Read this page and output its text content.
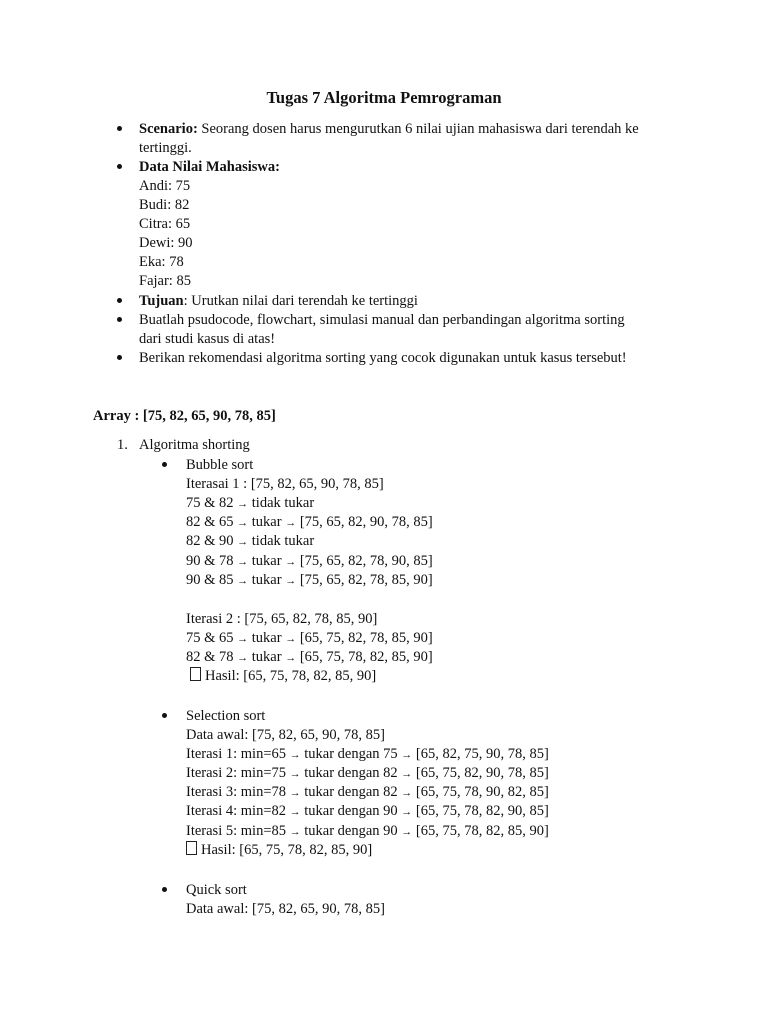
Tugas 7 Algoritma Pemrograman
Scenario: Seorang dosen harus mengurutkan 6 nilai ujian mahasiswa dari terendah ke
tertinggi.
Data Nilai Mahasiswa:
Andi: 75
Budi: 82
Citra: 65
Dewi: 90
Eka: 78
Fajar: 85
Tujuan: Urutkan nilai dari terendah ke tertinggi
Buatlah psudocode, flowchart, simulasi manual dan perbandingan algoritma sorting
dari studi kasus di atas!
Berikan rekomendasi algoritma sorting yang cocok digunakan untuk kasus tersebut!
Array : [75, 82, 65, 90, 78, 85]
1. Algoritma shorting
Bubble sort
Iterasai 1 : [75, 82, 65, 90, 78, 85]
75 & 82 → tidak tukar
82 & 65 → tukar → [75, 65, 82, 90, 78, 85]
82 & 90 → tidak tukar
90 & 78 → tukar → [75, 65, 82, 78, 90, 85]
90 & 85 → tukar → [75, 65, 82, 78, 85, 90]
Iterasi 2 : [75, 65, 82, 78, 85, 90]
75 & 65 → tukar → [65, 75, 82, 78, 85, 90]
82 & 78 → tukar → [65, 75, 78, 82, 85, 90]
Hasil: [65, 75, 78, 82, 85, 90]
Selection sort
Data awal: [75, 82, 65, 90, 78, 85]
Iterasi 1: min=65 → tukar dengan 75 → [65, 82, 75, 90, 78, 85]
Iterasi 2: min=75 → tukar dengan 82 → [65, 75, 82, 90, 78, 85]
Iterasi 3: min=78 → tukar dengan 82 → [65, 75, 78, 90, 82, 85]
Iterasi 4: min=82 → tukar dengan 90 → [65, 75, 78, 82, 90, 85]
Iterasi 5: min=85 → tukar dengan 90 → [65, 75, 78, 82, 85, 90]
Hasil: [65, 75, 78, 82, 85, 90]
Quick sort
Data awal: [75, 82, 65, 90, 78, 85]
